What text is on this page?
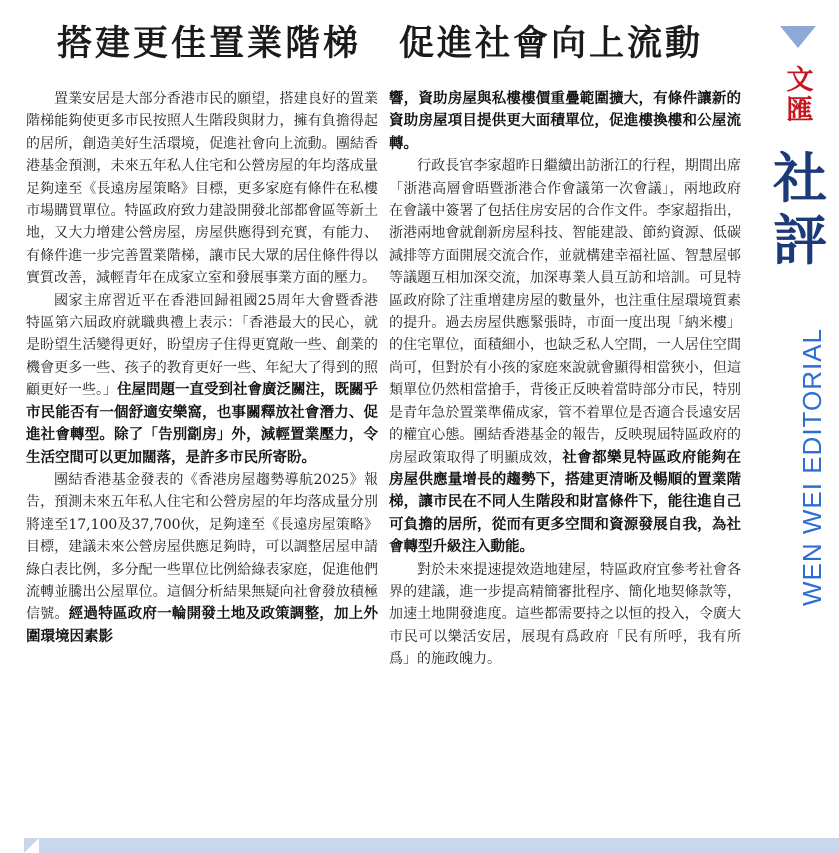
搭建更佳置業階梯　促進社會向上流動

置業安居是大部分香港市民的願望，搭建良好的置業階梯能夠使更多市民按照人生階段與財力，擁有負擔得起的居所，創造美好生活環境，促進社會向上流動。團結香港基金預測，未來五年私人住宅和公營房屋的年均落成量足夠達至《長遠房屋策略》目標，更多家庭有條件在私樓市場購買單位。特區政府致力建設開發北部都會區等新土地，又大力增建公營房屋，房屋供應得到充實，有能力、有條件進一步完善置業階梯，讓市民大眾的居住條件得以實質改善，減輕青年在成家立室和發展事業方面的壓力。

國家主席習近平在香港回歸祖國25周年大會暨香港特區第六屆政府就職典禮上表示：「香港最大的民心，就是盼望生活變得更好，盼望房子住得更寬敞一些、創業的機會更多一些、孩子的教育更好一些、年紀大了得到的照顧更好一些。」住屋問題一直受到社會廣泛關注，既關乎市民能否有一個舒適安樂窩，也事關釋放社會潛力、促進社會轉型。除了「告別劏房」外，減輕置業壓力，令生活空間可以更加闊落，是許多市民所寄盼。

團結香港基金發表的《香港房屋趨勢導航2025》報告，預測未來五年私人住宅和公營房屋的年均落成量分別將達至17,100及37,700伙，足夠達至《長遠房屋策略》目標，建議未來公營房屋供應足夠時，可以調整居屋申請綠白表比例，多分配一些單位比例給綠表家庭，促進他們流轉並騰出公屋單位。這個分析結果無疑向社會發放積極信號。經過特區政府一輪開發土地及政策調整，加上外圍環境因素影

響，資助房屋與私樓樓價重疊範圍擴大，有條件讓新的資助房屋項目提供更大面積單位，促進樓換樓和公屋流轉。

行政長官李家超昨日繼續出訪浙江的行程，期間出席「浙港高層會晤暨浙港合作會議第一次會議」，兩地政府在會議中簽署了包括住房安居的合作文件。李家超指出，浙港兩地會就創新房屋科技、智能建設、節約資源、低碳減排等方面開展交流合作，並就構建幸福社區、智慧屋邨等議題互相加深交流，加深專業人員互訪和培訓。可見特區政府除了注重增建房屋的數量外，也注重住屋環境質素的提升。過去房屋供應緊張時，市面一度出現「納米樓」的住宅單位，面積細小，也缺乏私人空間，一人居住空間尚可，但對於有小孩的家庭來說就會顯得相當狹小，但這類單位仍然相當搶手，背後正反映着當時部分市民，特別是青年急於置業準備成家，管不着單位是否適合長遠安居的權宜心態。團結香港基金的報告，反映現屆特區政府的房屋政策取得了明顯成效，社會都樂見特區政府能夠在房屋供應量增長的趨勢下，搭建更清晰及暢順的置業階梯，讓市民在不同人生階段和財富條件下，能往進自己可負擔的居所，從而有更多空間和資源發展自我，為社會轉型升級注入動能。

對於未來提速提效造地建屋，特區政府宜參考社會各界的建議，進一步提高精簡審批程序、簡化地契條款等，加速土地開發進度。這些都需要持之以恒的投入，令廣大市民可以樂活安居，展現有爲政府「民有所呼，我有所爲」的施政魄力。

文匯
社評
WEN WEI EDITORIAL
